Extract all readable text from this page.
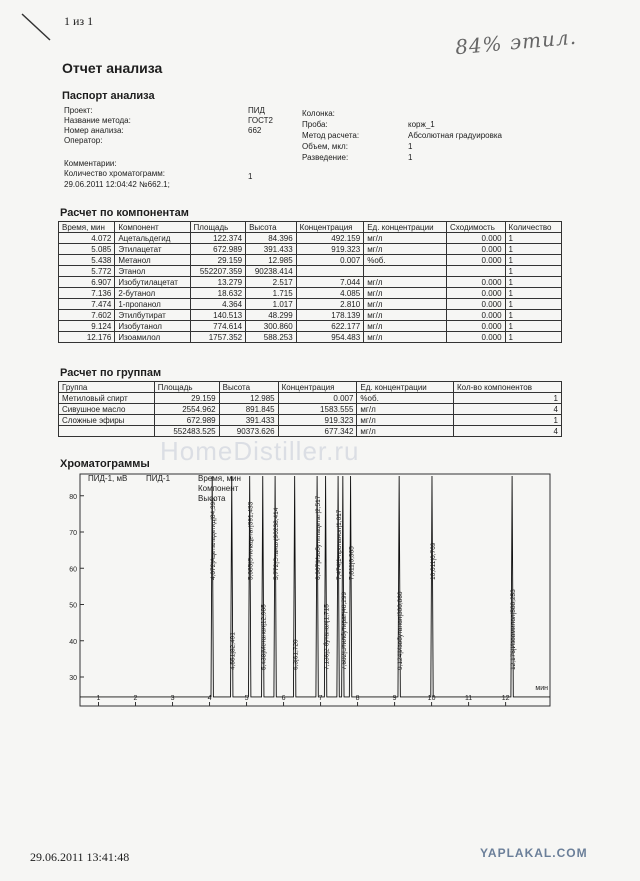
1 из 1
84% этил.
Отчет анализа
Паспорт анализа
Проект:	ПИД
Название метода:	ГОСТ2
Номер анализа:	662
Оператор:
Колонка:
Проба:	корж_1
Метод расчета:	Абсолютная градуировка
Объем, мкл:	1
Разведение:	1
Комментарии:
Количество хроматограмм:	1
29.06.2011 12:04:42 №662.1;
Расчет по компонентам
Время, мин	Компонент	Площадь	Высота	Концентрация	Ед. концентрации	Сходимость	Количество
4.072	Ацетальдегид	122.374	84.396	492.159	мг/л	0.000	1
5.085	Этилацетат	672.989	391.433	919.323	мг/л	0.000	1
5.438	Метанол	29.159	12.985	0.007	%об.	0.000	1
5.772	Этанол	552207.359	90238.414				1
6.907	Изобутилацетат	13.279	2.517	7.044	мг/л	0.000	1
7.136	2-бутанол	18.632	1.715	4.085	мг/л	0.000	1
7.474	1-пропанол	4.364	1.017	2.810	мг/л	0.000	1
7.602	Этилбутират	140.513	48.299	178.139	мг/л	0.000	1
9.124	Изобутанол	774.614	300.860	622.177	мг/л	0.000	1
12.176	Изоамилол	1757.352	588.253	954.483	мг/л	0.000	1
Расчет по группам
Группа	Площадь	Высота	Концентрация	Ед. концентрации	Кол-во компонентов
Метиловый спирт	29.159	12.985	0.007	%об.	1
Сивушное масло	2554.962	891.845	1583.555	мг/л	4
Сложные эфиры	672.989	391.433	919.323	мг/л	1
	552483.525	90373.626	677.342	мг/л	4
HomeDistiller.ru
Хроматограммы
80
70
60
50
40
30
1	2	3	4	5	6	7	8	9	10	11	12
мин
4,072|Ацетальдегид|84,396
4,551|82,491
5,085|Этилацетат|391,433
5,438|Метанол|12,985
5,772|Этанол|90238,414
6,3|61,720
6,907|Изобутилацетат|2,517
7,136|2-бутанол|1,715
7,474|1-пропанол|1,017
7,602|Этилбутират|48,299
7,811|0,365
9,124|Изобутанол|300,860
10,011|0,769
12,176|Изоамилол|588,253
ПИД-1, мВ ПИД-1	Время, мин
Компонент
Высота
29.06.2011 13:41:48	YAPLAKAL.COM
